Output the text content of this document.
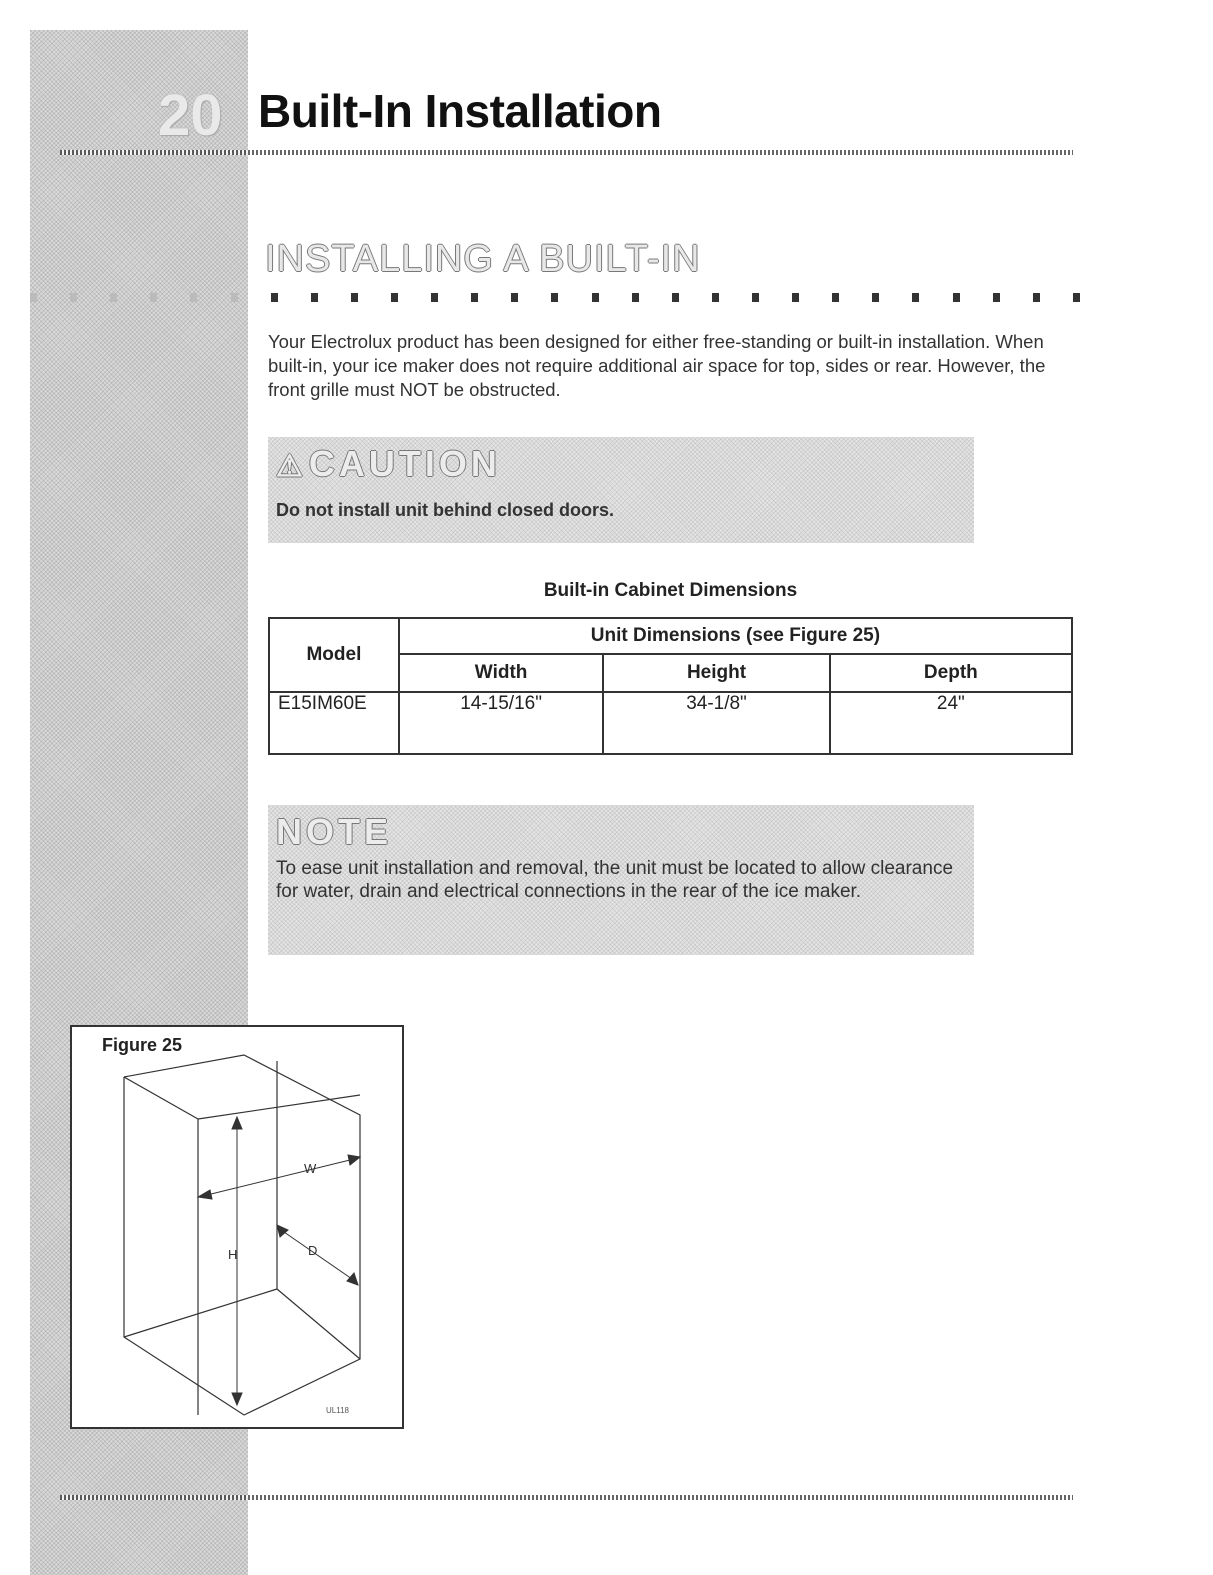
20 Built-In Installation
INSTALLING A BUILT-IN
Your Electrolux product has been designed for either free-standing or built-in installation. When built-in, your ice maker does not require additional air space for top, sides or rear. However, the front grille must NOT be obstructed.
⚠CAUTION
Do not install unit behind closed doors.
Built-in Cabinet Dimensions
Model	Unit Dimensions (see Figure 25)		
	Width	Height	Depth
E15IM60E	14-15/16"	34-1/8"	24"
NOTE
To ease unit installation and removal, the unit must be located to allow clearance for water, drain and electrical connections in the rear of the ice maker.
Figure 25
W
H	D
UL118
